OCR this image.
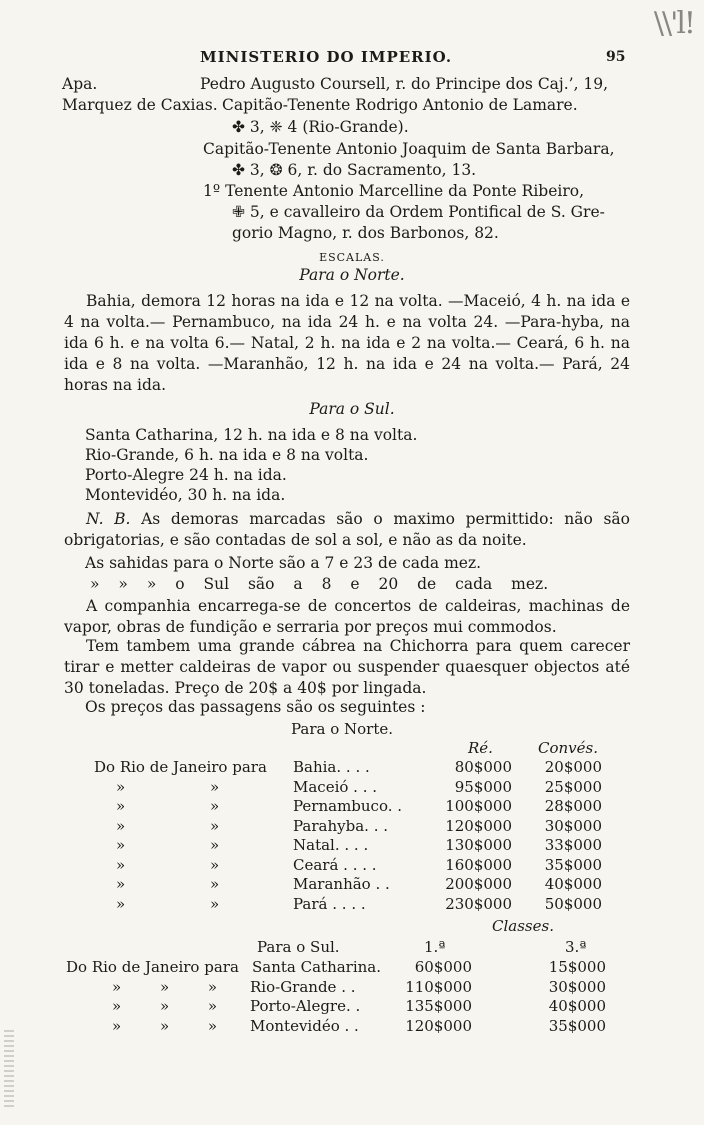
\\'l!
MINISTERIO DO IMPERIO.	95
Apa.	Pedro Augusto Coursell, r. do Principe dos Caj.’, 19,
Marquez de Caxias. Capitão-Tenente Rodrigo Antonio de Lamare.
✤ 3, ❈ 4 (Rio-Grande).
Capitão-Tenente Antonio Joaquim de Santa Barbara,
✤ 3, ❂ 6, r. do Sacramento, 13.
1º Tenente Antonio Marcelline da Ponte Ribeiro,
✙ 5, e cavalleiro da Ordem Pontifical de S. Gre-
gorio Magno, r. dos Barbonos, 82.
ESCALAS.
Para o Norte.
Bahia, demora 12 horas na ida e 12 na volta. —Maceió, 4 h. na ida e 4 na volta.— Pernambuco, na ida 24 h. e na volta 24. —Para-hyba, na ida 6 h. e na volta 6.— Natal, 2 h. na ida e 2 na volta.— Ceará, 6 h. na ida e 8 na volta. —Maranhão, 12 h. na ida e 24 na volta.— Pará, 24 horas na ida.
Para o Sul.
Santa Catharina, 12 h. na ida e 8 na volta.
Rio-Grande, 6 h. na ida e 8 na volta.
Porto-Alegre 24 h. na ida.
Montevidéo, 30 h. na ida.
N. B. As demoras marcadas são o maximo permittido: não são obrigatorias, e são contadas de sol a sol, e não as da noite.
As sahidas para o Norte são a 7 e 23 de cada mez.
» » » o Sul são a 8 e 20 de cada mez.
A companhia encarrega-se de concertos de caldeiras, machinas de vapor, obras de fundição e serraria por preços mui commodos.
Tem tambem uma grande cábrea na Chichorra para quem carecer tirar e metter caldeiras de vapor ou suspender quaesquer objectos até 30 toneladas. Preço de 20$ a 40$ por lingada.
Os preços das passagens são os seguintes :
Para o Norte.
Ré.	Convés.
Do Rio de Janeiro para Bahia. . . .	80$000	20$000
» »	Maceió . . .	95$000	25$000
» »	Pernambuco. .	100$000	28$000
» »	Parahyba. . .	120$000	30$000
» »	Natal. . . .	130$000	33$000
» »	Ceará . . . .	160$000	35$000
» »	Maranhão . .	200$000	40$000
» »	Pará . . . .	230$000	50$000
Classes.
Para o Sul.	1.ª	3.ª
Do Rio de Janeiro para Santa Catharina.	60$000	15$000
» » » Rio-Grande . .	110$000	30$000
» » » Porto-Alegre. .	135$000	40$000
» » » Montevidéo . .	120$000	35$000
